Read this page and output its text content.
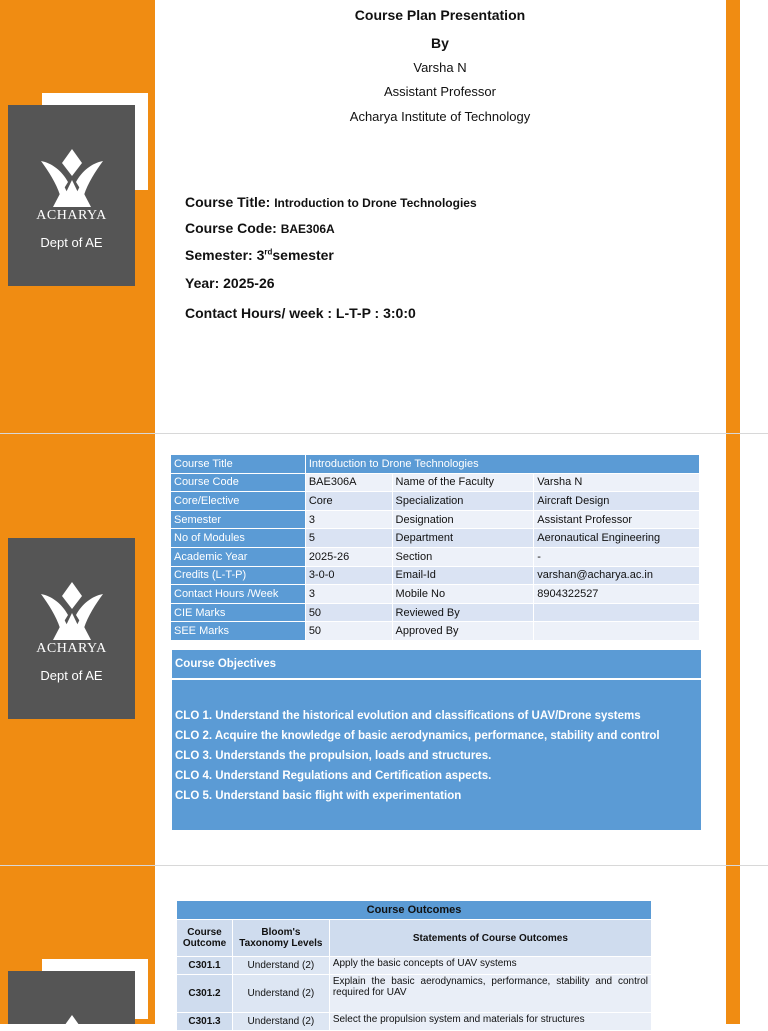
ACHARYA
Dept of AE
Course Plan Presentation
By
Varsha N
Assistant Professor
Acharya Institute of Technology
Course Title: Introduction to Drone Technologies
Course Code: BAE306A
Semester: 3rdsemester
Year: 2025-26
Contact Hours/ week : L-T-P : 3:0:0
ACHARYA
Dept of AE
Course Title	Introduction to Drone Technologies		
Course Code	BAE306A	Name of the Faculty	Varsha N
Core/Elective	Core	Specialization	Aircraft Design
Semester	3	Designation	Assistant Professor
No of Modules	5	Department	Aeronautical Engineering
Academic Year	2025-26	Section	-
Credits (L-T-P)	3-0-0	Email-Id	varshan@acharya.ac.in
Contact Hours /Week	3	Mobile No	8904322527
CIE Marks	50	Reviewed By	
SEE Marks	50	Approved By	
Course Objectives
CLO 1. Understand the historical evolution and classifications of UAV/Drone systems
CLO 2. Acquire the knowledge of basic aerodynamics, performance, stability and control
CLO 3. Understands the propulsion, loads and structures.
CLO 4. Understand Regulations and Certification aspects.
CLO 5. Understand basic flight with experimentation
Course Outcomes		
Course Outcome	Bloom's Taxonomy Levels	Statements of Course Outcomes
C301.1	Understand (2)	Apply the basic concepts of UAV systems
C301.2	Understand (2)	Explain the basic aerodynamics, performance, stability and control required for UAV
C301.3	Understand (2)	Select the propulsion system and materials for structures
